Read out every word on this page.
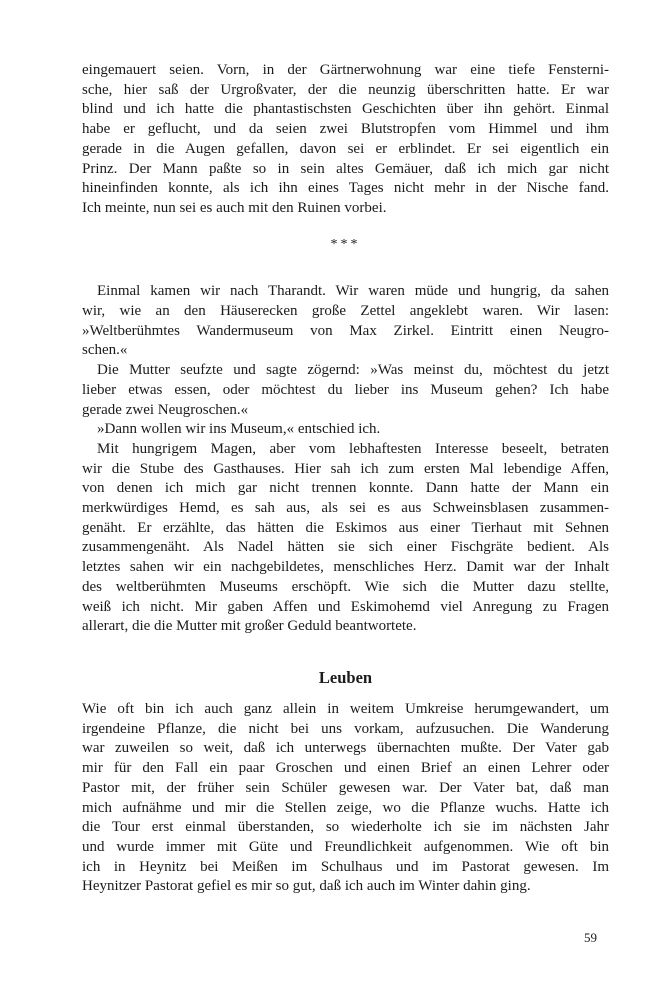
eingemauert seien. Vorn, in der Gärtnerwohnung war eine tiefe Fensterni-
sche, hier saß der Urgroßvater, der die neunzig überschritten hatte. Er war
blind und ich hatte die phantastischsten Geschichten über ihn gehört. Einmal
habe er geflucht, und da seien zwei Blutstropfen vom Himmel und ihm
gerade in die Augen gefallen, davon sei er erblindet. Er sei eigentlich ein
Prinz. Der Mann paßte so in sein altes Gemäuer, daß ich mich gar nicht
hineinfinden konnte, als ich ihn eines Tages nicht mehr in der Nische fand.
Ich meinte, nun sei es auch mit den Ruinen vorbei.
***
Einmal kamen wir nach Tharandt. Wir waren müde und hungrig, da sahen
wir, wie an den Häuserecken große Zettel angeklebt waren. Wir lasen:
»Weltberühmtes Wandermuseum von Max Zirkel. Eintritt einen Neugro-
schen.«
Die Mutter seufzte und sagte zögernd: »Was meinst du, möchtest du jetzt
lieber etwas essen, oder möchtest du lieber ins Museum gehen? Ich habe
gerade zwei Neugroschen.«
»Dann wollen wir ins Museum,« entschied ich.
Mit hungrigem Magen, aber vom lebhaftesten Interesse beseelt, betraten
wir die Stube des Gasthauses. Hier sah ich zum ersten Mal lebendige Affen,
von denen ich mich gar nicht trennen konnte. Dann hatte der Mann ein
merkwürdiges Hemd, es sah aus, als sei es aus Schweinsblasen zusammen-
genäht. Er erzählte, das hätten die Eskimos aus einer Tierhaut mit Sehnen
zusammengenäht. Als Nadel hätten sie sich einer Fischgräte bedient. Als
letztes sahen wir ein nachgebildetes, menschliches Herz. Damit war der Inhalt
des weltberühmten Museums erschöpft. Wie sich die Mutter dazu stellte,
weiß ich nicht. Mir gaben Affen und Eskimohemd viel Anregung zu Fragen
allerart, die die Mutter mit großer Geduld beantwortete.
Leuben
Wie oft bin ich auch ganz allein in weitem Umkreise herumgewandert, um
irgendeine Pflanze, die nicht bei uns vorkam, aufzusuchen. Die Wanderung
war zuweilen so weit, daß ich unterwegs übernachten mußte. Der Vater gab
mir für den Fall ein paar Groschen und einen Brief an einen Lehrer oder
Pastor mit, der früher sein Schüler gewesen war. Der Vater bat, daß man
mich aufnähme und mir die Stellen zeige, wo die Pflanze wuchs. Hatte ich
die Tour erst einmal überstanden, so wiederholte ich sie im nächsten Jahr
und wurde immer mit Güte und Freundlichkeit aufgenommen. Wie oft bin
ich in Heynitz bei Meißen im Schulhaus und im Pastorat gewesen. Im
Heynitzer Pastorat gefiel es mir so gut, daß ich auch im Winter dahin ging.
59
